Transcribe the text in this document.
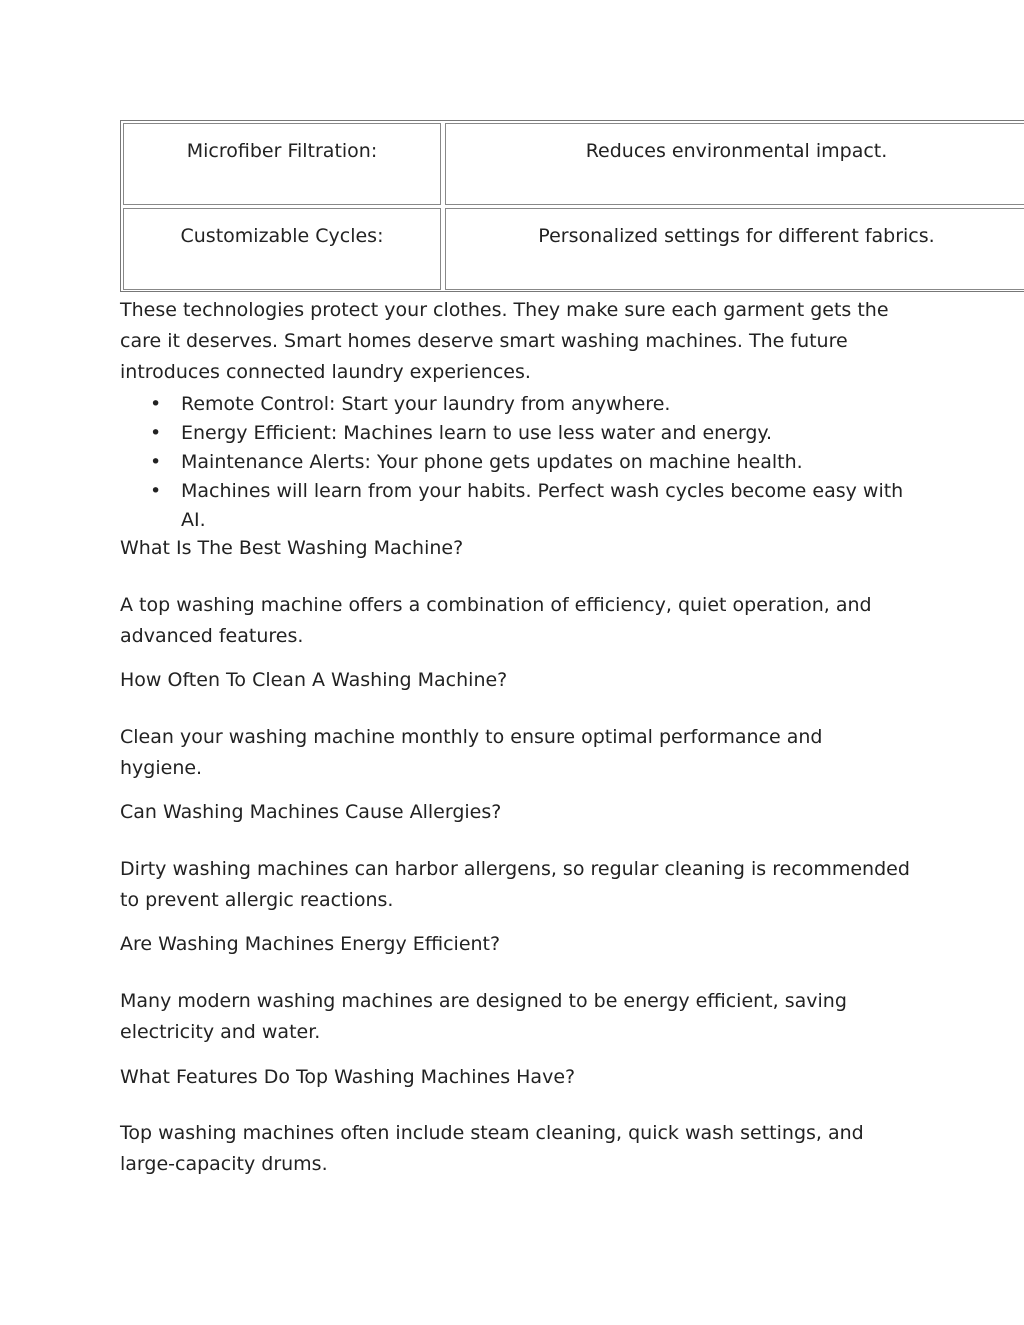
Microfiber Filtration:	Reduces environmental impact.
Customizable Cycles:	Personalized settings for different fabrics.

These technologies protect your clothes. They make sure each garment gets the care it deserves. Smart homes deserve smart washing machines. The future introduces connected laundry experiences.

• Remote Control: Start your laundry from anywhere.
• Energy Efficient: Machines learn to use less water and energy.
• Maintenance Alerts: Your phone gets updates on machine health.
• Machines will learn from your habits. Perfect wash cycles become easy with AI.
What Is The Best Washing Machine?
A top washing machine offers a combination of efficiency, quiet operation, and advanced features.
How Often To Clean A Washing Machine?
Clean your washing machine monthly to ensure optimal performance and hygiene.
Can Washing Machines Cause Allergies?
Dirty washing machines can harbor allergens, so regular cleaning is recommended to prevent allergic reactions.
Are Washing Machines Energy Efficient?
Many modern washing machines are designed to be energy efficient, saving electricity and water.
What Features Do Top Washing Machines Have?
Top washing machines often include steam cleaning, quick wash settings, and large-capacity drums.
